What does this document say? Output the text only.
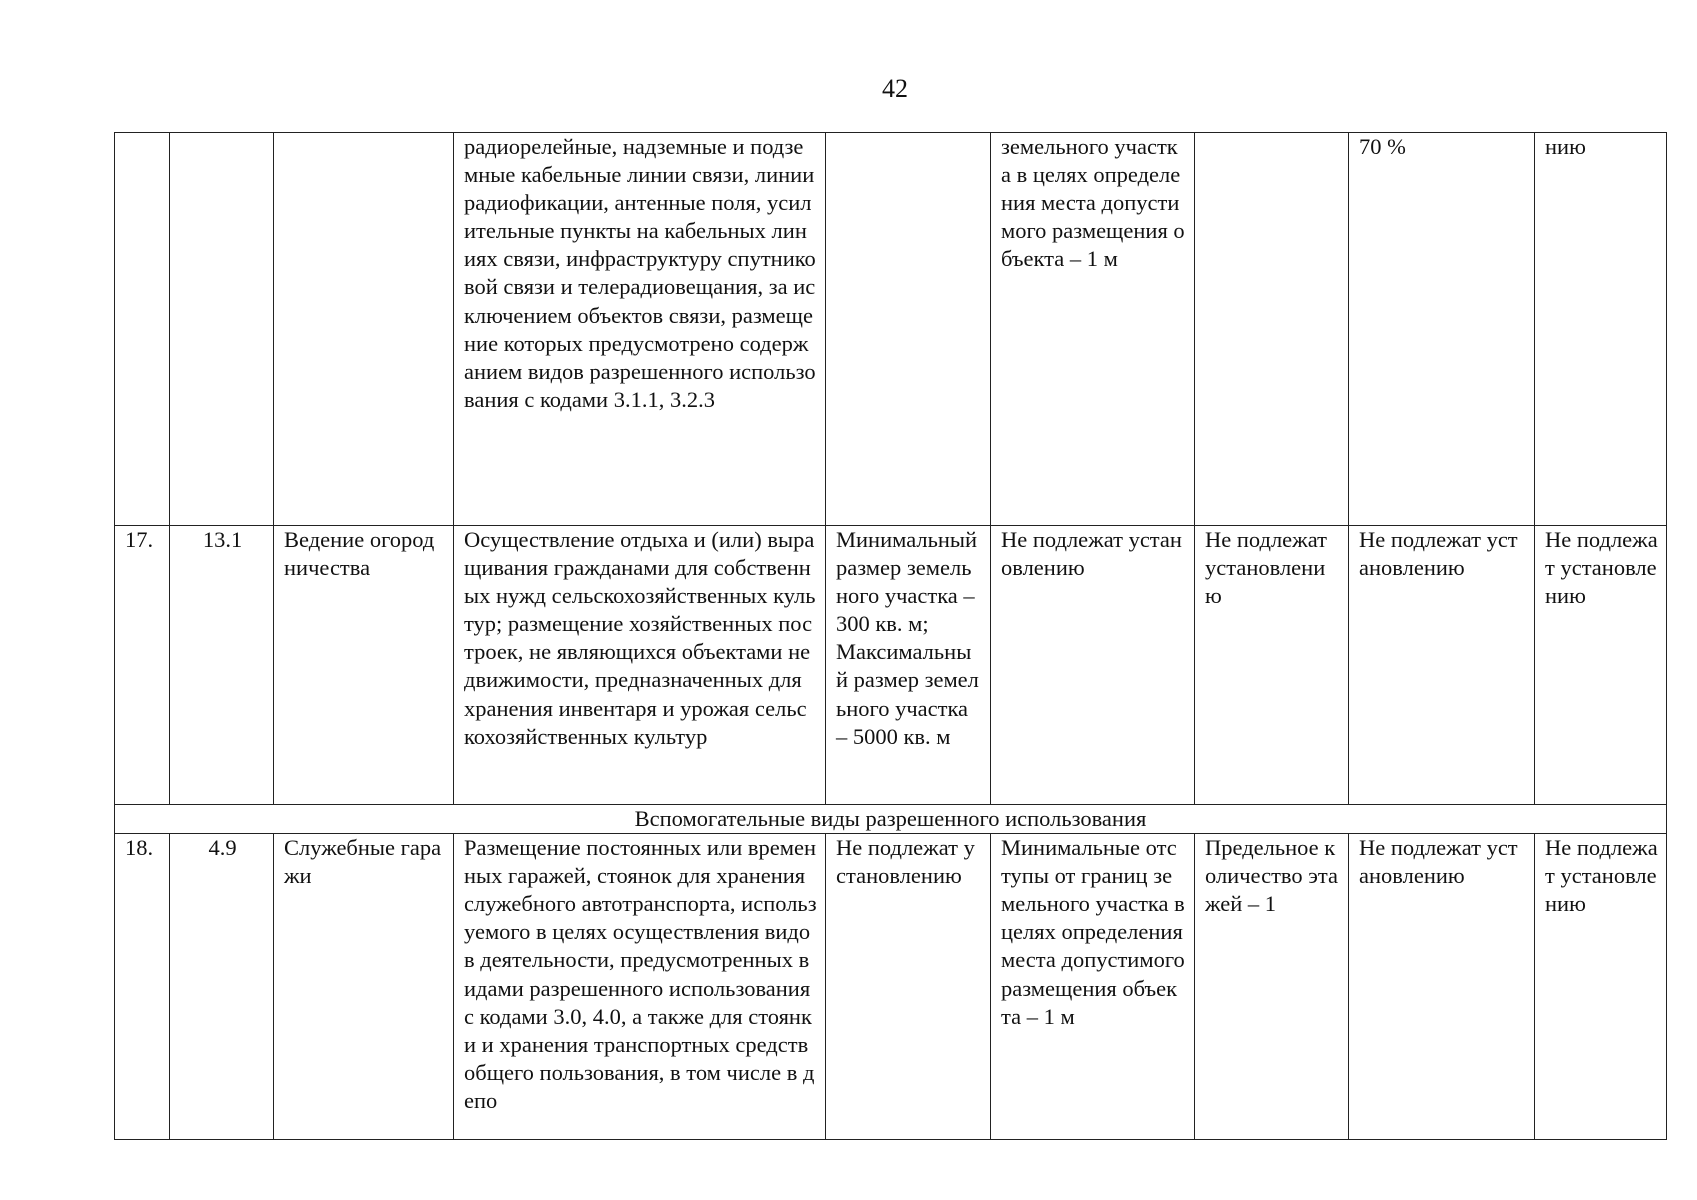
42
			радиорелейные, надземные и подземные кабельные линии связи, линии радиофикации, антенные поля, усилительные пункты на кабельных линиях связи, инфраструктуру спутниковой связи и телерадиовещания, за исключением объектов связи, размещение которых предусмотрено содержанием видов разрешенного использования с кодами 3.1.1, 3.2.3		земельного участка в целях определения места допустимого размещения объекта – 1 м		70 %	нию
17.	13.1	Ведение огородничества	Осуществление отдыха и (или) выращивания гражданами для собственных нужд сельскохозяйственных культур; размещение хозяйственных построек, не являющихся объектами недвижимости, предназначенных для хранения инвентаря и урожая сельскохозяйственных культур	Минимальный размер земельного участка – 300 кв. м;
Максимальный размер земельного участка – 5000 кв. м	Не подлежат установлению	Не подлежат установлению	Не подлежат установлению	Не подлежат установлению
Вспомогательные виды разрешенного использования								
18.	4.9	Служебные гаражи	Размещение постоянных или временных гаражей, стоянок для хранения служебного автотранспорта, используемого в целях осуществления видов деятельности, предусмотренных видами разрешенного использования с кодами 3.0, 4.0, а также для стоянки и хранения транспортных средств общего пользования, в том числе в депо	Не подлежат установлению	Минимальные отступы от границ земельного участка в целях определения места допустимого размещения объекта – 1 м	Предельное количество этажей – 1	Не подлежат установлению	Не подлежат установлению
